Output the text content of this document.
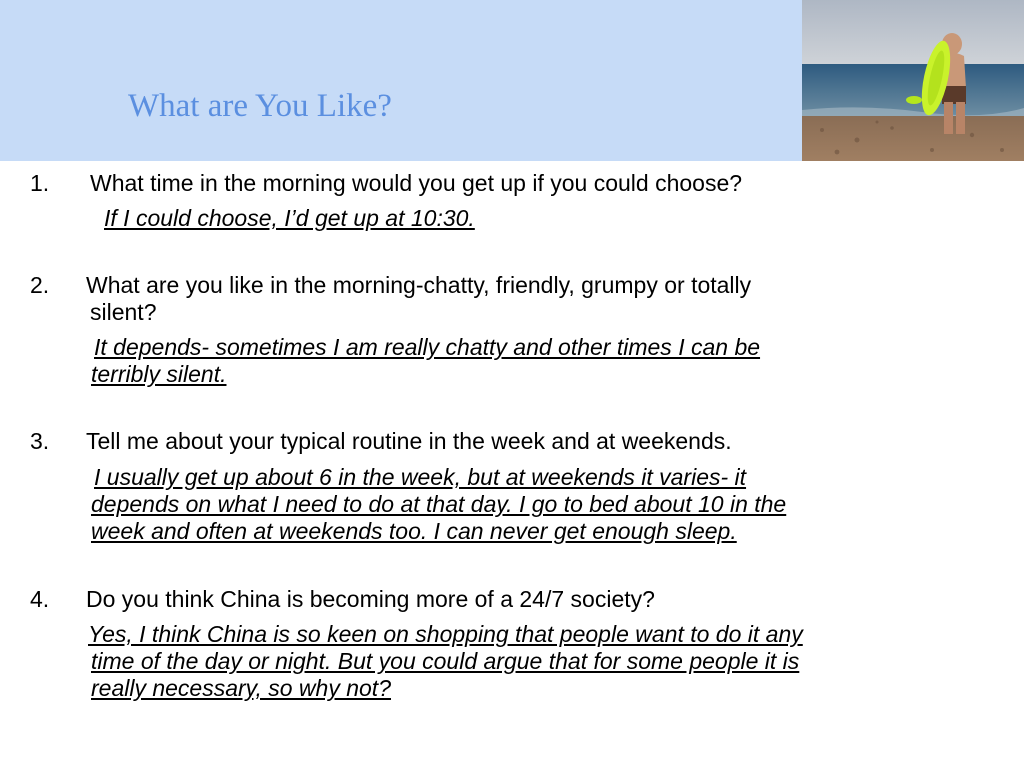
What are You Like?
1. What time in the morning would you get up if you could choose?
If I could choose, I’d get up at 10:30.
2. What are you like in the morning-chatty, friendly, grumpy or totally
silent?
It depends- sometimes I am really chatty and other times I can be
terribly silent.
3. Tell me about your typical routine in the week and at weekends.
I usually get up about 6 in the week, but at weekends it varies- it
depends on what I need to do at that day. I go to bed about 10 in the
week and often at weekends too. I can never get enough sleep.
4. Do you think China is becoming more of a 24/7 society?
Yes, I think China is so keen on shopping that people want to do it any
time of the day or night. But you could argue that for some people it is
really necessary, so why not?
